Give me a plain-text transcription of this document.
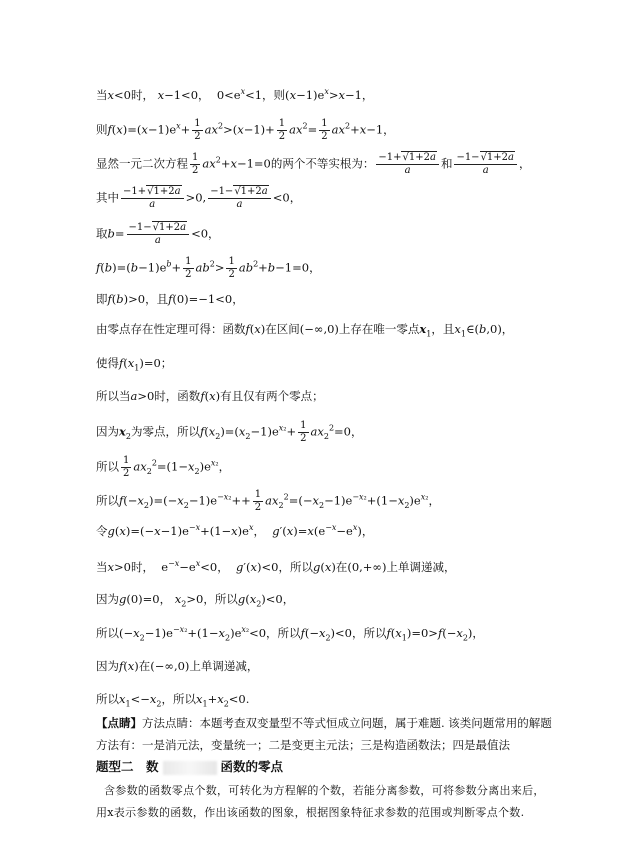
当x<0时， x−1<0，  $0<e^x<1$，则$(x-1)e^x>x-1$，
则$f(x)=(x-1)e^x+ \frac{1}{2} ax^2>(x-1)+ \frac{1}{2} ax^2= \frac{1}{2} ax^2+x-1$，
显然一元二次方程 $\frac{1}{2} ax^2+x-1=0$的两个不等实根为： $\frac{-1+√1+2a}{a}$ 和 $\frac{-1-√1+2a}{a}$ ，
其中 $\frac{-1+√1+2a}{a} >0$, $\frac{-1-√1+2a}{a} <0$，
取$b= \frac{-1-√1+2a}{a} <0$，
$f(b)=(b-1)e^b+ \frac{1}{2} ab^2> \frac{1}{2} ab^2+b-1=0$，
即f(b)>0，且f(0)=−1<0，
由零点存在性定理可得：函数f(x)在区间(−∞,0)上存在唯一零点$x_1$，且$x_1\in(b,0)$，
使得$f(x_1)=0$；
所以当a>0时，函数f(x)有且仅有两个零点；
因为$x_2$为零点，所以$f(x_2)=(x_2-1)e^{x_2}+ \frac{1}{2} ax_2^2=0$，
所以 $\frac{1}{2} ax_2^2=(1-x_2)e^{x_2}$，
所以$f(-x_2)=(-x_2-1)e^{-x_2}++ \frac{1}{2} ax_2^2=(-x_2-1)e^{-x_2}+(1-x_2)e^{x_2}$，
令$g(x)=(-x-1)e^{-x}+(1-x)e^x$，  $g'(x)=x(e^{-x}-e^x)$，
当x>0时，  $e^{-x}-e^x<0$，  g′(x)<0，所以g(x)在(0,+∞)上单调递减，
因为g(0)=0， $x_2>0$，所以$g(x_2)<0$，
所以$(-x_2-1)e^{-x_2}+(1-x_2)e^{x_2}<0$，所以$f(-x_2)<0$，所以$f(x_1)=0>f(-x_2)$，
因为f(x)在(−∞,0)上单调递减，
所以$x_1<-x_2$，所以$x_1+x_2<0$.
【点睛】方法点睛：本题考查双变量型不等式恒成立问题，属于难题. 该类问题常用的解题
方法有：一是消元法，变量统一；二是变更主元法；三是构造函数法；四是最值法
题型二　数	函数的零点
含参数的函数零点个数，可转化为方程解的个数，若能分离参数，可将参数分离出来后，
用x表示参数的函数，作出该函数的图象，根据图象特征求参数的范围或判断零点个数.
